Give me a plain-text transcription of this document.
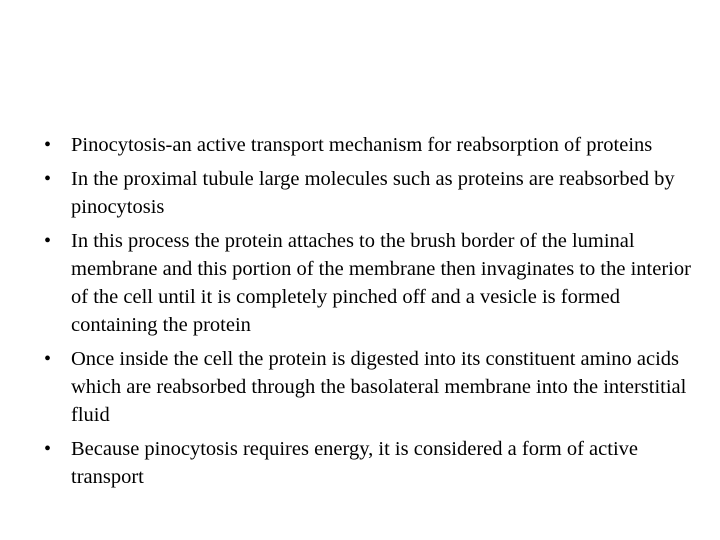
• Pinocytosis-an active transport mechanism for reabsorption of proteins
• In the proximal tubule large molecules such as proteins are reabsorbed by pinocytosis
• In this process the protein attaches to the brush border of the luminal membrane and this portion of the membrane then invaginates to the interior of the cell until it is completely pinched off and a vesicle is formed containing the protein
• Once inside the cell the protein is digested into its constituent amino acids which are reabsorbed through the basolateral membrane into the interstitial fluid
• Because pinocytosis requires energy, it is considered a form of active transport
